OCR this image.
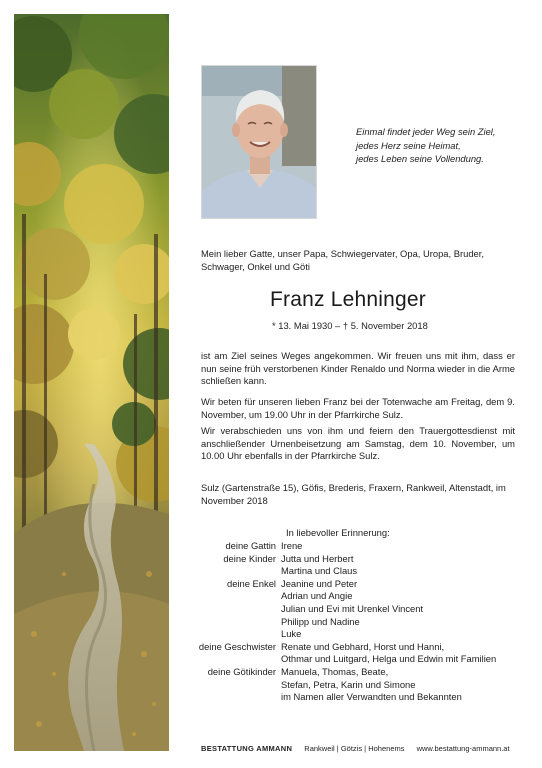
Einmal findet jeder Weg sein Ziel,
jedes Herz seine Heimat,
jedes Leben seine Vollendung.
Mein lieber Gatte, unser Papa, Schwiegervater, Opa, Uropa, Bruder, Schwager, Onkel und Göti
Franz Lehninger
* 13. Mai 1930 – † 5. November 2018
ist am Ziel seines Weges angekommen. Wir freuen uns mit ihm, dass er nun seine früh verstorbenen Kinder Renaldo und Norma wieder in die Arme schließen kann.
Wir beten für unseren lieben Franz bei der Totenwache am Freitag, dem 9. November, um 19.00 Uhr in der Pfarrkirche Sulz.
Wir verabschieden uns von ihm und feiern den Trauergottesdienst mit anschließender Urnenbeisetzung am Samstag, dem 10. November, um 10.00 Uhr ebenfalls in der Pfarrkirche Sulz.
Sulz (Gartenstraße 15), Göfis, Brederis, Fraxern, Rankweil, Altenstadt, im November 2018
In liebevoller Erinnerung:
deine Gattin Irene
deine Kinder Jutta und Herbert
Martina und Claus
deine Enkel Jeanine und Peter
Adrian und Angie
Julian und Evi mit Urenkel Vincent
Philipp und Nadine
Luke
deine Geschwister Renate und Gebhard, Horst und Hanni,
Othmar und Luitgard, Helga und Edwin mit Familien
deine Götikinder Manuela, Thomas, Beate,
Stefan, Petra, Karin und Simone
im Namen aller Verwandten und Bekannten
BESTATTUNG AMMANN Rankweil | Götzis | Hohenems www.bestattung-ammann.at
